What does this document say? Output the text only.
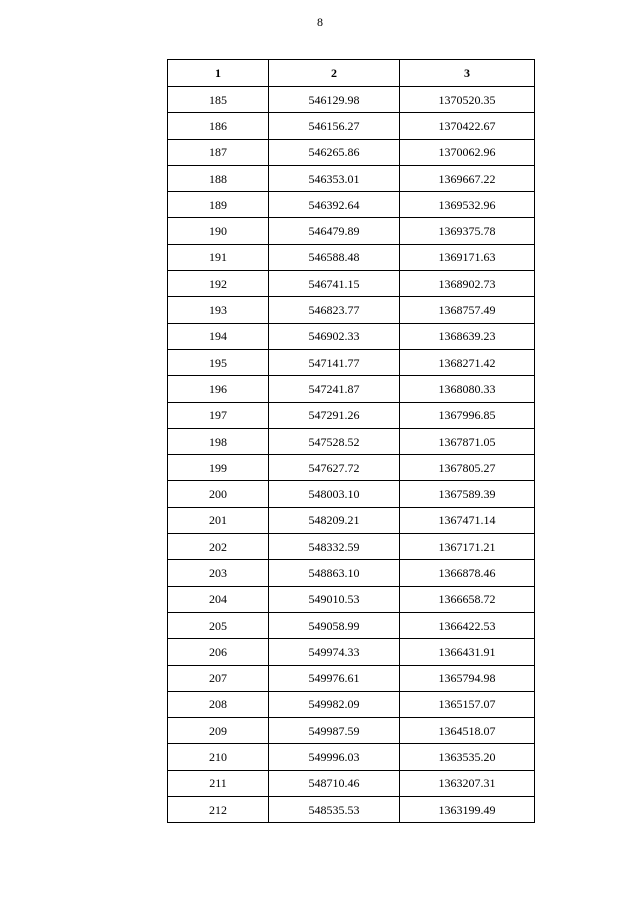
8
1	2	3
185	546129.98	1370520.35
186	546156.27	1370422.67
187	546265.86	1370062.96
188	546353.01	1369667.22
189	546392.64	1369532.96
190	546479.89	1369375.78
191	546588.48	1369171.63
192	546741.15	1368902.73
193	546823.77	1368757.49
194	546902.33	1368639.23
195	547141.77	1368271.42
196	547241.87	1368080.33
197	547291.26	1367996.85
198	547528.52	1367871.05
199	547627.72	1367805.27
200	548003.10	1367589.39
201	548209.21	1367471.14
202	548332.59	1367171.21
203	548863.10	1366878.46
204	549010.53	1366658.72
205	549058.99	1366422.53
206	549974.33	1366431.91
207	549976.61	1365794.98
208	549982.09	1365157.07
209	549987.59	1364518.07
210	549996.03	1363535.20
211	548710.46	1363207.31
212	548535.53	1363199.49
